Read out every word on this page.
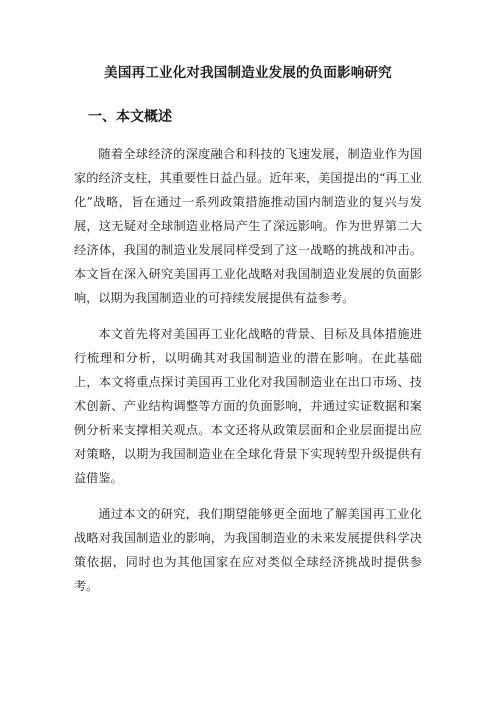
美国再工业化对我国制造业发展的负面影响研究
一、本文概述

随着全球经济的深度融合和科技的飞速发展，制造业作为国家的经济支柱，其重要性日益凸显。近年来，美国提出的“再工业化”战略，旨在通过一系列政策措施推动国内制造业的复兴与发展，这无疑对全球制造业格局产生了深远影响。作为世界第二大经济体，我国的制造业发展同样受到了这一战略的挑战和冲击。本文旨在深入研究美国再工业化战略对我国制造业发展的负面影响，以期为我国制造业的可持续发展提供有益参考。

本文首先将对美国再工业化战略的背景、目标及具体措施进行梳理和分析，以明确其对我国制造业的潜在影响。在此基础上，本文将重点探讨美国再工业化对我国制造业在出口市场、技术创新、产业结构调整等方面的负面影响，并通过实证数据和案例分析来支撑相关观点。本文还将从政策层面和企业层面提出应对策略，以期为我国制造业在全球化背景下实现转型升级提供有益借鉴。

通过本文的研究，我们期望能够更全面地了解美国再工业化战略对我国制造业的影响，为我国制造业的未来发展提供科学决策依据，同时也为其他国家在应对类似全球经济挑战时提供参考。
